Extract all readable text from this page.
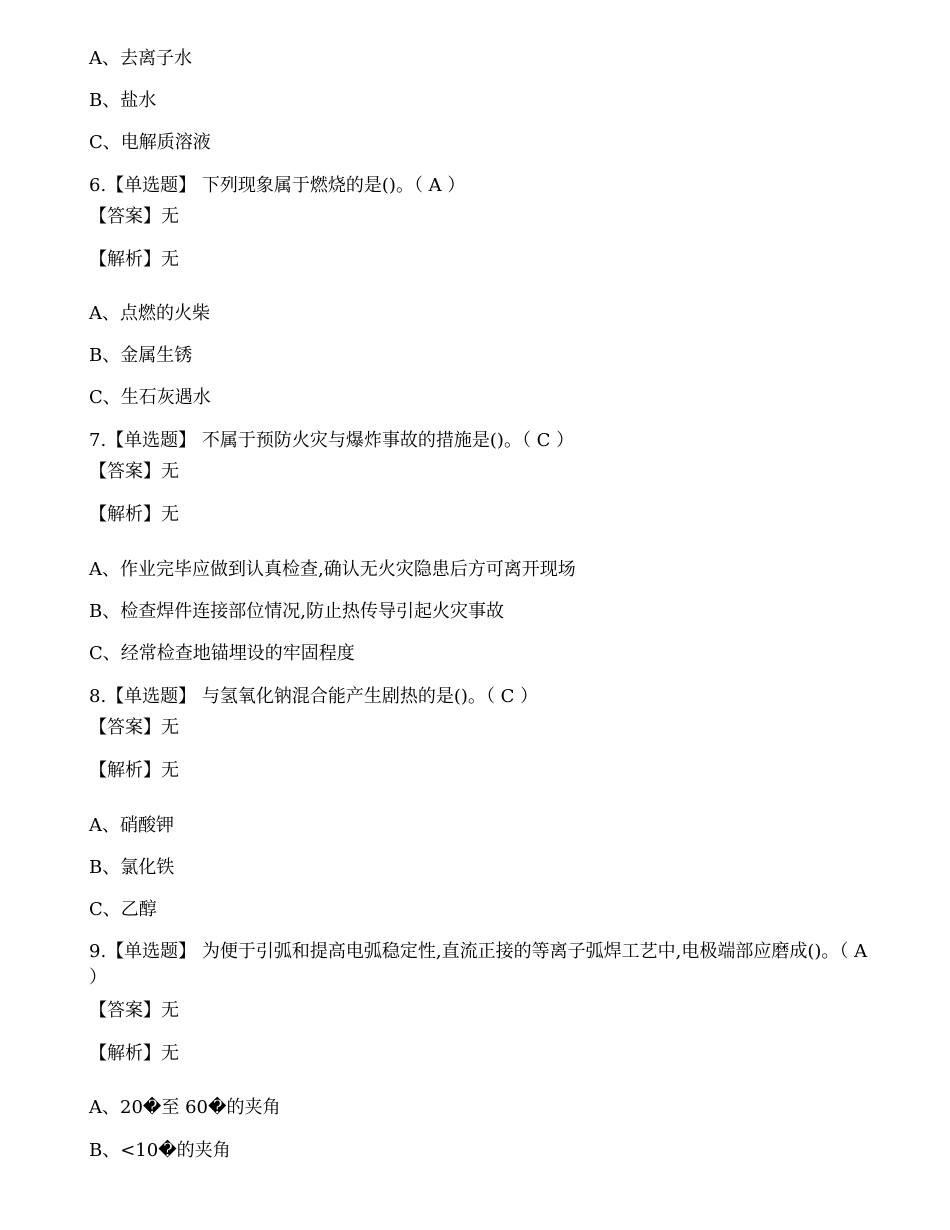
A、去离子水
B、盐水
C、电解质溶液
6.【单选题】 下列现象属于燃烧的是()。（ A ）
【答案】无
【解析】无
A、点燃的火柴
B、金属生锈
C、生石灰遇水
7.【单选题】 不属于预防火灾与爆炸事故的措施是()。（ C ）
【答案】无
【解析】无
A、作业完毕应做到认真检查,确认无火灾隐患后方可离开现场
B、检查焊件连接部位情况,防止热传导引起火灾事故
C、经常检查地锚埋设的牢固程度
8.【单选题】 与氢氧化钠混合能产生剧热的是()。（ C ）
【答案】无
【解析】无
A、硝酸钾
B、氯化铁
C、乙醇
9.【单选题】 为便于引弧和提高电弧稳定性,直流正接的等离子弧焊工艺中,电极端部应磨成()。（ A ）
【答案】无
【解析】无
A、20�至 60�的夹角
B、<10�的夹角
